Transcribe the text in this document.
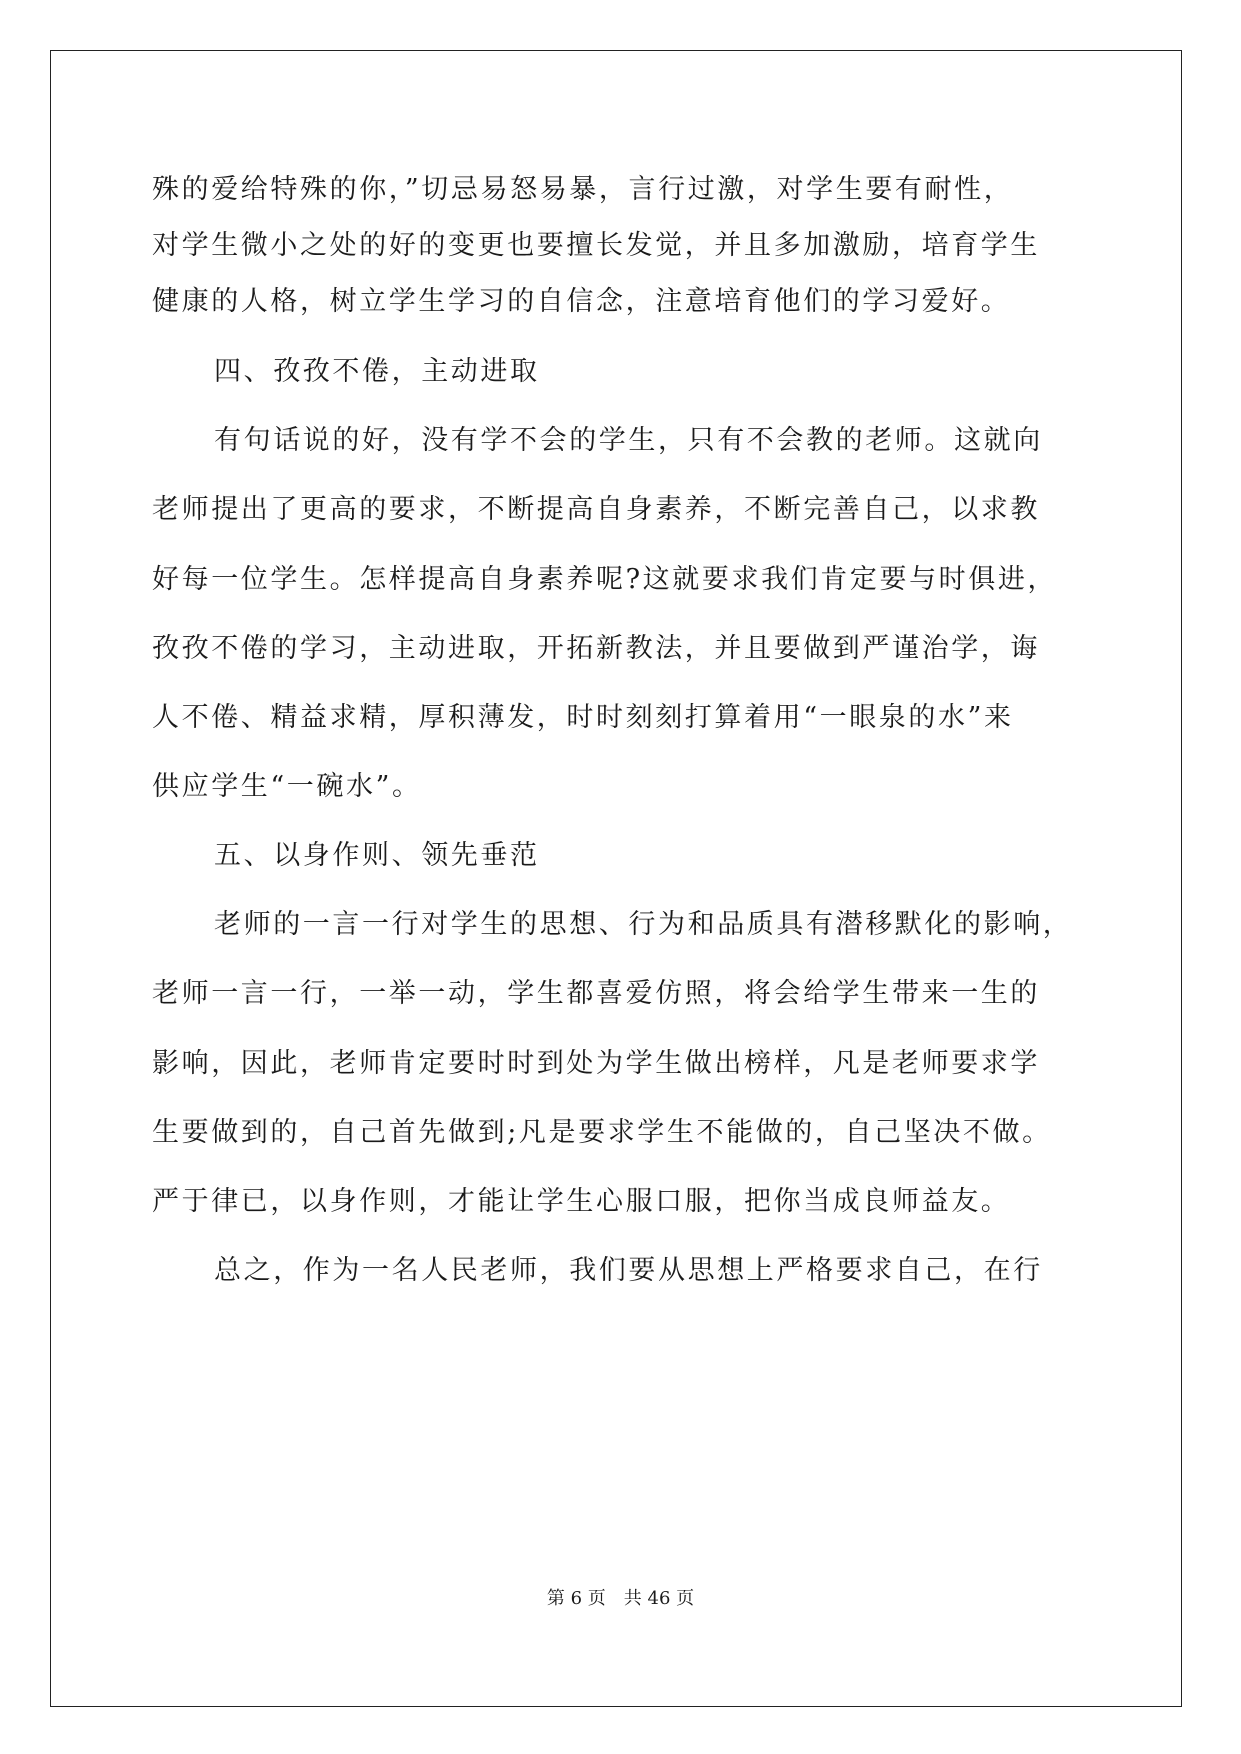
殊的爱给特殊的你，”切忌易怒易暴，言行过激，对学生要有耐性，
对学生微小之处的好的变更也要擅长发觉，并且多加激励，培育学生
健康的人格，树立学生学习的自信念，注意培育他们的学习爱好。
四、孜孜不倦，主动进取
有句话说的好，没有学不会的学生，只有不会教的老师。这就向
老师提出了更高的要求，不断提高自身素养，不断完善自己，以求教
好每一位学生。怎样提高自身素养呢?这就要求我们肯定要与时俱进，
孜孜不倦的学习，主动进取，开拓新教法，并且要做到严谨治学，诲
人不倦、精益求精，厚积薄发，时时刻刻打算着用“一眼泉的水”来
供应学生“一碗水”。
五、以身作则、领先垂范
老师的一言一行对学生的思想、行为和品质具有潜移默化的影响，
老师一言一行，一举一动，学生都喜爱仿照，将会给学生带来一生的
影响，因此，老师肯定要时时到处为学生做出榜样，凡是老师要求学
生要做到的，自己首先做到;凡是要求学生不能做的，自己坚决不做。
严于律已，以身作则，才能让学生心服口服，把你当成良师益友。
总之，作为一名人民老师，我们要从思想上严格要求自己，在行
第 6 页　共 46 页
